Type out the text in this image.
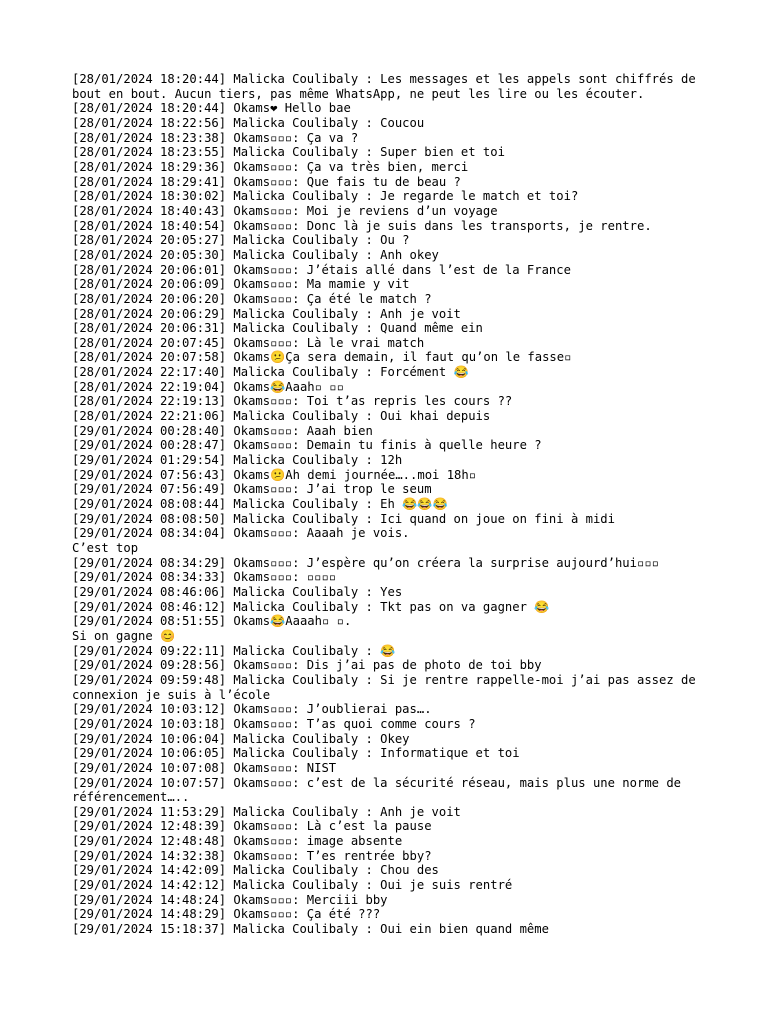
[28/01/2024 18:20:44] Malicka Coulibaly : Les messages et les appels sont chiffrés de bout en bout. Aucun tiers, pas même WhatsApp, ne peut les lire ou les écouter.
[28/01/2024 18:20:44] Okams❤ Hello bae
[28/01/2024 18:22:56] Malicka Coulibaly : Coucou
[28/01/2024 18:23:38] Okams▫▫▫: Ça va ?
[28/01/2024 18:23:55] Malicka Coulibaly : Super bien et toi
[28/01/2024 18:29:36] Okams▫▫▫: Ça va très bien, merci
[28/01/2024 18:29:41] Okams▫▫▫: Que fais tu de beau ?
[28/01/2024 18:30:02] Malicka Coulibaly : Je regarde le match et toi?
[28/01/2024 18:40:43] Okams▫▫▫: Moi je reviens d’un voyage
[28/01/2024 18:40:54] Okams▫▫▫: Donc là je suis dans les transports, je rentre.
[28/01/2024 20:05:27] Malicka Coulibaly : Ou ?
[28/01/2024 20:05:30] Malicka Coulibaly : Anh okey
[28/01/2024 20:06:01] Okams▫▫▫: J’étais allé dans l’est de la France
[28/01/2024 20:06:09] Okams▫▫▫: Ma mamie y vit
[28/01/2024 20:06:20] Okams▫▫▫: Ça été le match ?
[28/01/2024 20:06:29] Malicka Coulibaly : Anh je voit
[28/01/2024 20:06:31] Malicka Coulibaly : Quand même ein
[28/01/2024 20:07:45] Okams▫▫▫: Là le vrai match
[28/01/2024 20:07:58] Okams😕Ça sera demain, il faut qu’on le fasse▫
[28/01/2024 22:17:40] Malicka Coulibaly : Forcément 😂
[28/01/2024 22:19:04] Okams😂Aaah▫ ▫▫
[28/01/2024 22:19:13] Okams▫▫▫: Toi t’as repris les cours ??
[28/01/2024 22:21:06] Malicka Coulibaly : Oui khai depuis
[29/01/2024 00:28:40] Okams▫▫▫: Aaah bien
[29/01/2024 00:28:47] Okams▫▫▫: Demain tu finis à quelle heure ?
[29/01/2024 01:29:54] Malicka Coulibaly : 12h
[29/01/2024 07:56:43] Okams😕Ah demi journée…..moi 18h▫
[29/01/2024 07:56:49] Okams▫▫▫: J’ai trop le seum
[29/01/2024 08:08:44] Malicka Coulibaly : Eh 😂😂😂
[29/01/2024 08:08:50] Malicka Coulibaly : Ici quand on joue on fini à midi
[29/01/2024 08:34:04] Okams▫▫▫: Aaaah je vois.
C’est top
[29/01/2024 08:34:29] Okams▫▫▫: J’espère qu’on créera la surprise aujourd’hui▫▫▫
[29/01/2024 08:34:33] Okams▫▫▫: ▫▫▫▫
[29/01/2024 08:46:06] Malicka Coulibaly : Yes
[29/01/2024 08:46:12] Malicka Coulibaly : Tkt pas on va gagner 😂
[29/01/2024 08:51:55] Okams😂Aaaah▫ ▫.
Si on gagne 😊
[29/01/2024 09:22:11] Malicka Coulibaly : 😂
[29/01/2024 09:28:56] Okams▫▫▫: Dis j’ai pas de photo de toi bby
[29/01/2024 09:59:48] Malicka Coulibaly : Si je rentre rappelle-moi j’ai pas assez de connexion je suis à l’école
[29/01/2024 10:03:12] Okams▫▫▫: J’oublierai pas….
[29/01/2024 10:03:18] Okams▫▫▫: T’as quoi comme cours ?
[29/01/2024 10:06:04] Malicka Coulibaly : Okey
[29/01/2024 10:06:05] Malicka Coulibaly : Informatique et toi
[29/01/2024 10:07:08] Okams▫▫▫: NIST
[29/01/2024 10:07:57] Okams▫▫▫: c’est de la sécurité réseau, mais plus une norme de référencement…..
[29/01/2024 11:53:29] Malicka Coulibaly : Anh je voit
[29/01/2024 12:48:39] Okams▫▫▫: Là c’est la pause
[29/01/2024 12:48:48] Okams▫▫▫: image absente
[29/01/2024 14:32:38] Okams▫▫▫: T’es rentrée bby?
[29/01/2024 14:42:09] Malicka Coulibaly : Chou des
[29/01/2024 14:42:12] Malicka Coulibaly : Oui je suis rentré
[29/01/2024 14:48:24] Okams▫▫▫: Merciii bby
[29/01/2024 14:48:29] Okams▫▫▫: Ça été ???
[29/01/2024 15:18:37] Malicka Coulibaly : Oui ein bien quand même
